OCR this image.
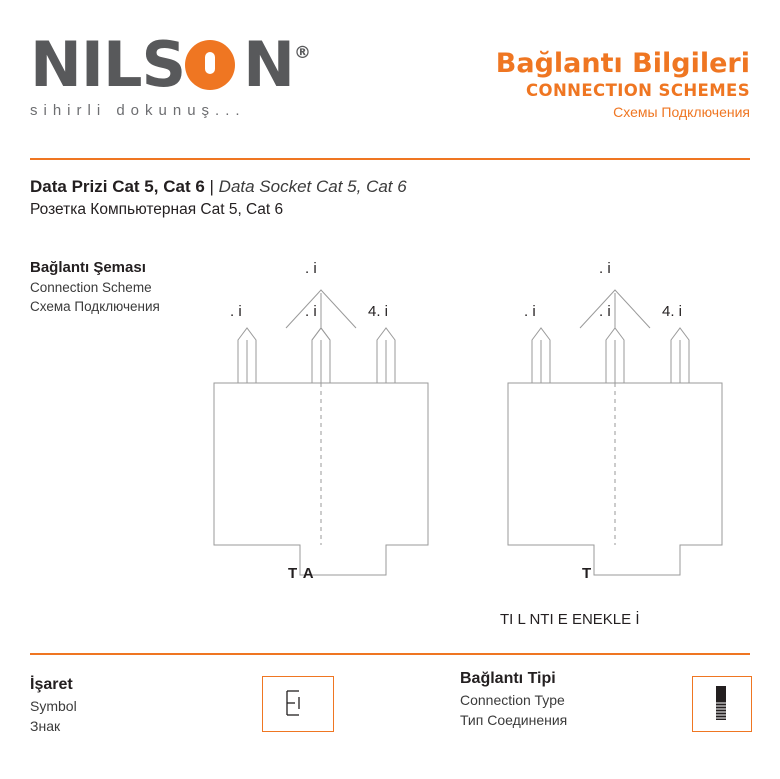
NILS N®
sihirli dokunuş...
Bağlantı Bilgileri
CONNECTION SCHEMES
Схемы Подключения
Data Prizi Cat 5, Cat 6 | Data Socket Cat 5, Cat 6
Розетка Компьютерная Cat 5, Cat 6
Bağlantı Şeması
Connection Scheme
Схема Подключения	. i	. i
. i
4. i
T A
. i	. i
. i
4. i
T
TI L NTI E ENEKLE İ
İşaret
Symbol
Знак
Bağlantı Tipi
Connection Type
Тип Соединения
